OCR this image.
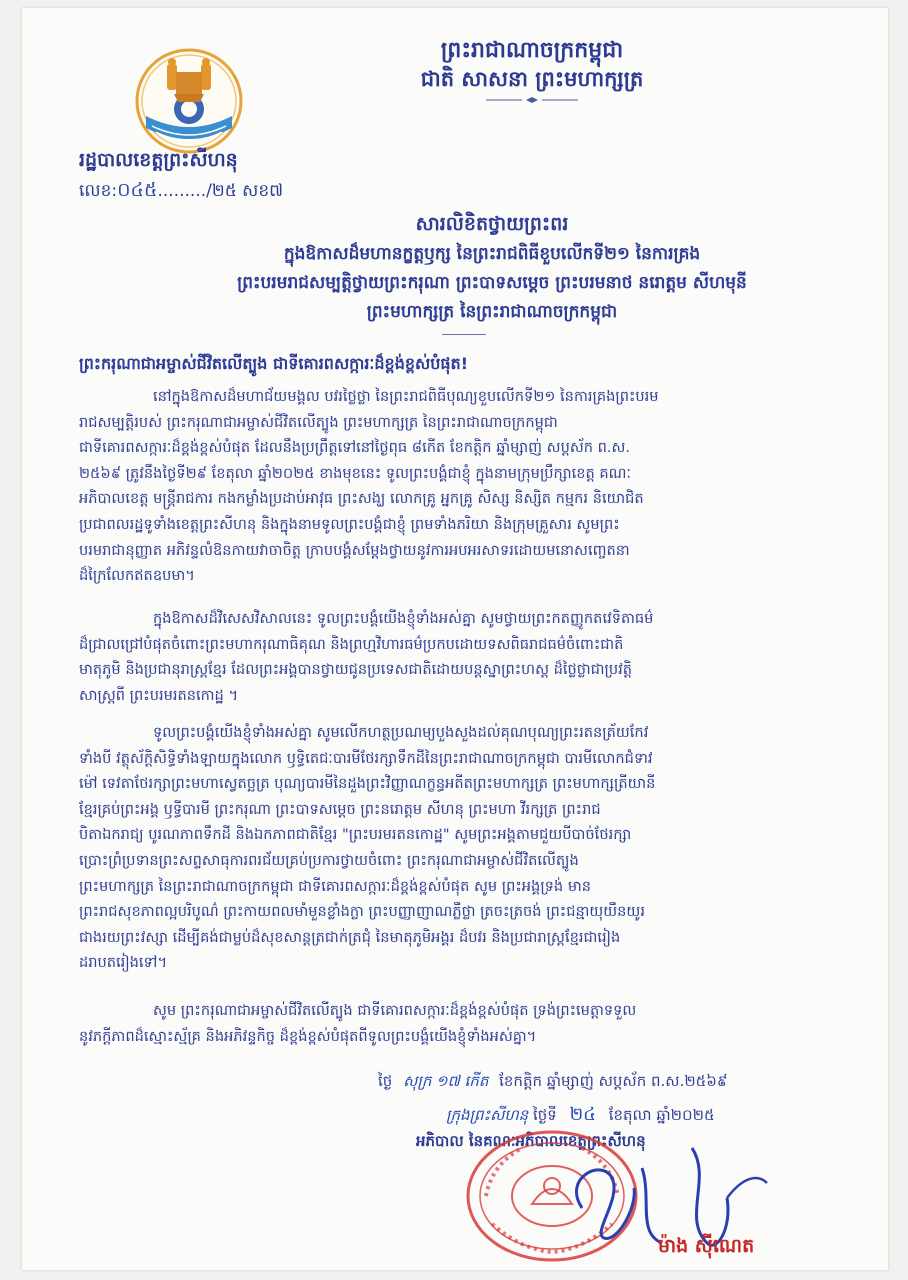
ព្រះរាជាណាចក្រកម្ពុជា
ជាតិ សាសនា ព្រះមហាក្សត្រ
រដ្ឋបាលខេត្តព្រះសីហនុ
លេខ:០៤៥........./២៥ សខ៧
សារលិខិតថ្វាយព្រះពរ
ក្នុងឱកាសដ៏មហានក្ខត្តឫក្ស នៃព្រះរាជពិធីខួបលើកទី២១ នៃការគ្រង
ព្រះបរមរាជសម្បត្តិថ្វាយព្រះករុណា ព្រះបាទសម្តេច ព្រះបរមនាថ នរោត្តម សីហមុនី
ព្រះមហាក្សត្រ នៃព្រះរាជាណាចក្រកម្ពុជា
ព្រះករុណាជាអម្ចាស់ជីវិតលើត្បូង ជាទីគោរពសក្ការៈដ៏ខ្ពង់ខ្ពស់បំផុត!
នៅក្នុងឱកាសដ៏មហាជ័យមង្គល បវរថ្លៃថ្លា នៃព្រះរាជពិធីបុណ្យខួបលើកទី២១ នៃការគ្រងព្រះបរម
រាជសម្បត្តិរបស់ ព្រះករុណាជាអម្ចាស់ជីវិតលើត្បូង ព្រះមហាក្សត្រ នៃព្រះរាជាណាចក្រកម្ពុជា
ជាទីគោរពសក្ការៈដ៏ខ្ពង់ខ្ពស់បំផុត ដែលនឹងប្រព្រឹត្តទៅនៅថ្ងៃពុធ ៨កើត ខែកត្តិក ឆ្នាំម្សាញ់ សប្តស័ក ព.ស.
២៥៦៩ ត្រូវនឹងថ្ងៃទី២៩ ខែតុលា ឆ្នាំ២០២៥ ខាងមុខនេះ ទូលព្រះបង្គំជាខ្ញុំ ក្នុងនាមក្រុមប្រឹក្សាខេត្ត គណៈ
អភិបាលខេត្ត មន្ត្រីរាជការ កងកម្លាំងប្រដាប់អាវុធ ព្រះសង្ឃ លោកគ្រូ អ្នកគ្រូ សិស្ស និស្សិត កម្មករ និយោជិត
ប្រជាពលរដ្ឋទូទាំងខេត្តព្រះសីហនុ និងក្នុងនាមទូលព្រះបង្គំជាខ្ញុំ ព្រមទាំងភរិយា និងក្រុមគ្រួសារ សូមព្រះ
បរមរាជានុញ្ញាត អភិវន្ទលំឱនកាយវាចាចិត្ត ក្រាបបង្គំសម្តែងថ្វាយនូវការអបអរសាទរដោយមនោសញ្ចេតនា
ដ៏ក្រៃលែកឥតឧបមា។
ក្នុងឱកាសដ៏វិសេសវិសាលនេះ ទូលព្រះបង្គំយើងខ្ញុំទាំងអស់គ្នា សូមថ្វាយព្រះកតញ្ញូកតវេទិតាធម៌
ដ៏ជ្រាលជ្រៅបំផុតចំពោះព្រះមហាករុណាធិគុណ និងព្រហ្មវិហារធម៌ប្រកបដោយទសពិធរាជធម៌ចំពោះជាតិ
មាតុភូមិ និងប្រជានុរាស្ត្រខ្មែរ ដែលព្រះអង្គបានថ្វាយជូនប្រទេសជាតិដោយបន្តស្នាព្រះហស្ត ដ៏ថ្លៃថ្លាជាប្រវត្តិ
សាស្ត្រពី ព្រះបរមរតនកោដ្ឋ ។
ទូលព្រះបង្គំយើងខ្ញុំទាំងអស់គ្នា សូមលើកហត្ថប្រណម្យបួងសួងដល់គុណបុណ្យព្រះរតនត្រ័យកែវ
ទាំងបី វត្ថុស័ក្តិសិទ្ធិទាំងឡាយក្នុងលោក ឫទ្ធិតេជៈបារមីថែរក្សាទឹកដីនៃព្រះរាជាណាចក្រកម្ពុជា បារមីលោកជំទាវ
ម៉ៅ ទេវតាថែរក្សាព្រះមហាស្វេតច្ឆត្រ បុណ្យបារមីនៃដួងព្រះវិញ្ញាណក្ខន្ធអតីតព្រះមហាក្សត្រ ព្រះមហាក្សត្រីយានី
ខ្មែរគ្រប់ព្រះអង្គ ឫទ្ធីបារមី ព្រះករុណា ព្រះបាទសម្តេច ព្រះនរោត្តម សីហនុ ព្រះមហា វីរក្សត្រ ព្រះរាជ
បិតាឯករាជ្យ បូរណភាពទឹកដី និងឯកភាពជាតិខ្មែរ "ព្រះបរមរតនកោដ្ឋ" សូមព្រះអង្គតាមជួយបីបាច់ថែរក្សា
ប្រោះព្រំប្រទានព្រះសព្ទសាធុការពរជ័យគ្រប់ប្រការថ្វាយចំពោះ ព្រះករុណាជាអម្ចាស់ជីវិតលើត្បូង
ព្រះមហាក្សត្រ នៃព្រះរាជាណាចក្រកម្ពុជា ជាទីគោរពសក្ការៈដ៏ខ្ពង់ខ្ពស់បំផុត សូម ព្រះអង្គទ្រង់ មាន
ព្រះរាជសុខភាពល្អបរិបូណ៌ ព្រះកាយពលមាំមួនខ្លាំងក្លា ព្រះបញ្ញាញាណភ្លឺថ្លា ត្រចះត្រចង់ ព្រះជន្មាយុយឺនយូរ
ជាងរយព្រះវស្សា ដើម្បីគង់ជាម្លប់ដ៏សុខសាន្តត្រជាក់ត្រជុំ នៃមាតុភូមិអង្គរ ដ៏បវរ និងប្រជារាស្ត្រខ្មែរជារៀង
ដរាបតរៀងទៅ។
សូម ព្រះករុណាជាអម្ចាស់ជីវិតលើត្បូង ជាទីគោរពសក្ការៈដ៏ខ្ពង់ខ្ពស់បំផុត ទ្រង់ព្រះមេត្តាទទួល
នូវភក្តីភាពដ៏ស្មោះស្ម័គ្រ និងអភិវន្ទកិច្ច ដ៏ខ្ពង់ខ្ពស់បំផុតពីទូលព្រះបង្គំយើងខ្ញុំទាំងអស់គ្នា។
ថ្ងៃ សុក្រ ១៧ កើត ខែកត្តិក ឆ្នាំម្សាញ់ សប្តស័ក ព.ស.២៥៦៩
ក្រុងព្រះសីហនុ ថ្ងៃទី ២៤ ខែតុលា ឆ្នាំ២០២៥
អភិបាល នៃគណៈអភិបាលខេត្តព្រះសីហនុ
ម៉ាង ស៊ីណេត
